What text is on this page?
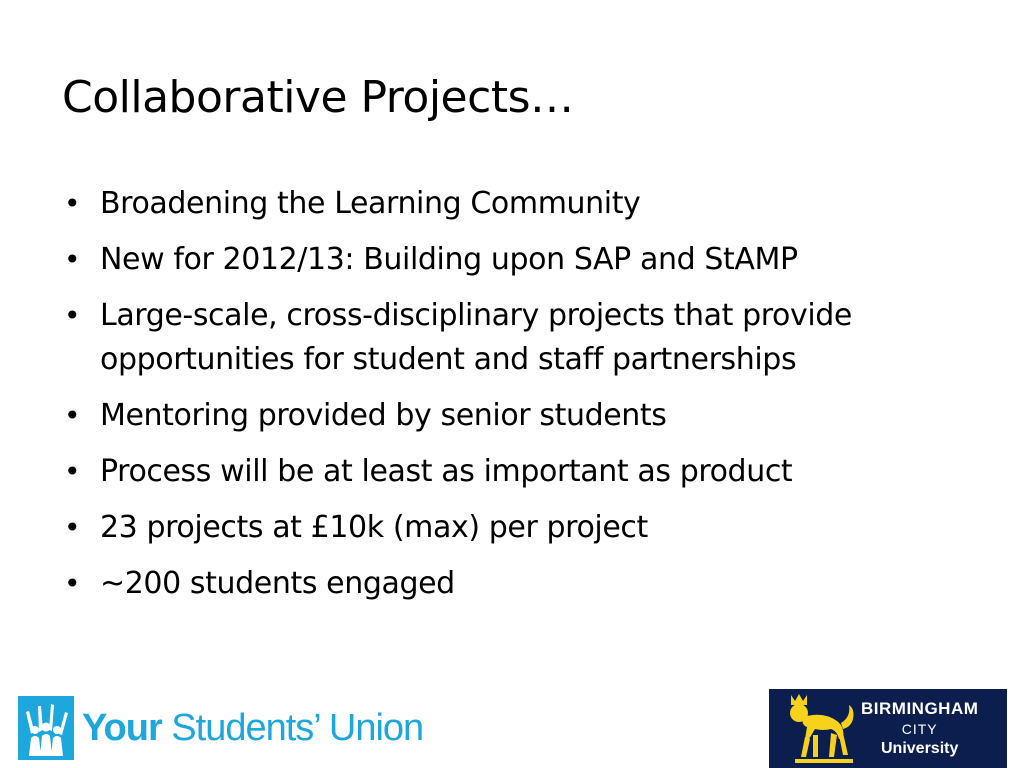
Collaborative Projects…
• Broadening the Learning Community
• New for 2012/13: Building upon SAP and StAMP
• Large-scale, cross-disciplinary projects that provide opportunities for student and staff partnerships
• Mentoring provided by senior students
• Process will be at least as important as product
• 23 projects at £10k (max) per project
• ~200 students engaged
Your Students’ Union	BIRMINGHAM
CITY
University
